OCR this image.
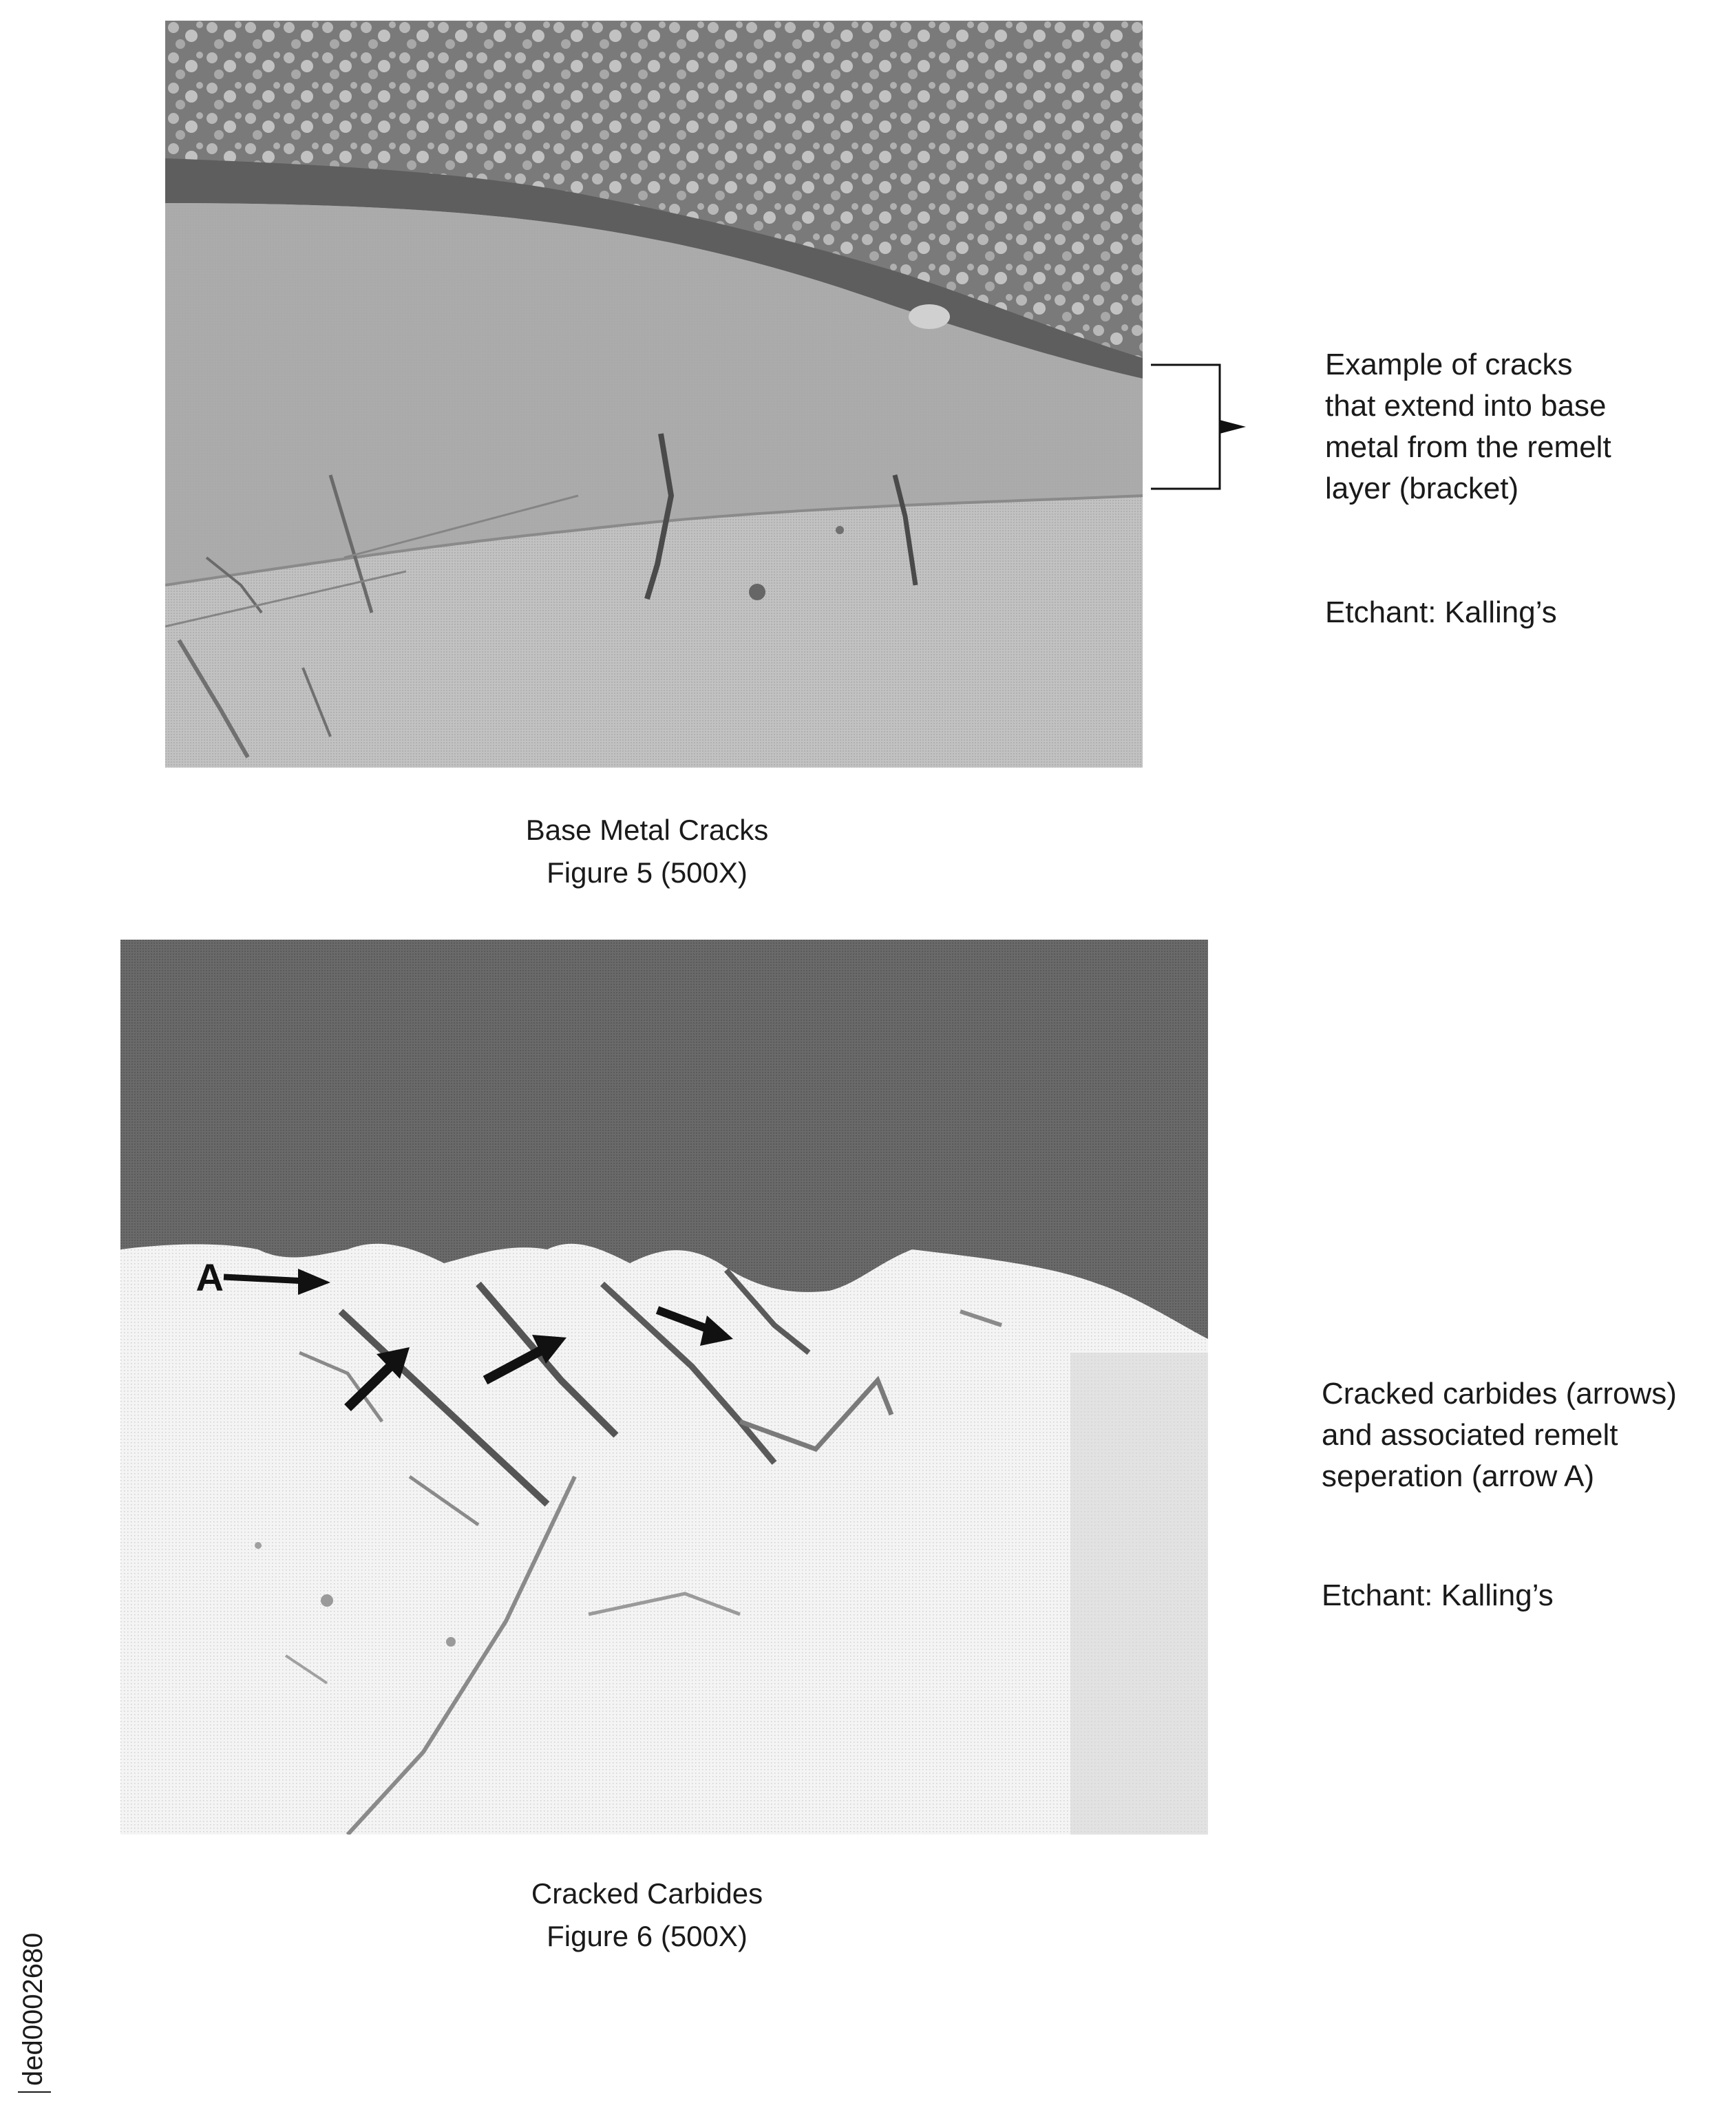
Example of cracks
that extend into base
metal from the remelt
layer (bracket)
Etchant: Kalling’s
Base Metal Cracks
Figure 5 (500X)
A
Cracked carbides (arrows)
and associated remelt
seperation (arrow A)
Etchant: Kalling’s
Cracked Carbides
Figure 6 (500X)
ded0002680
